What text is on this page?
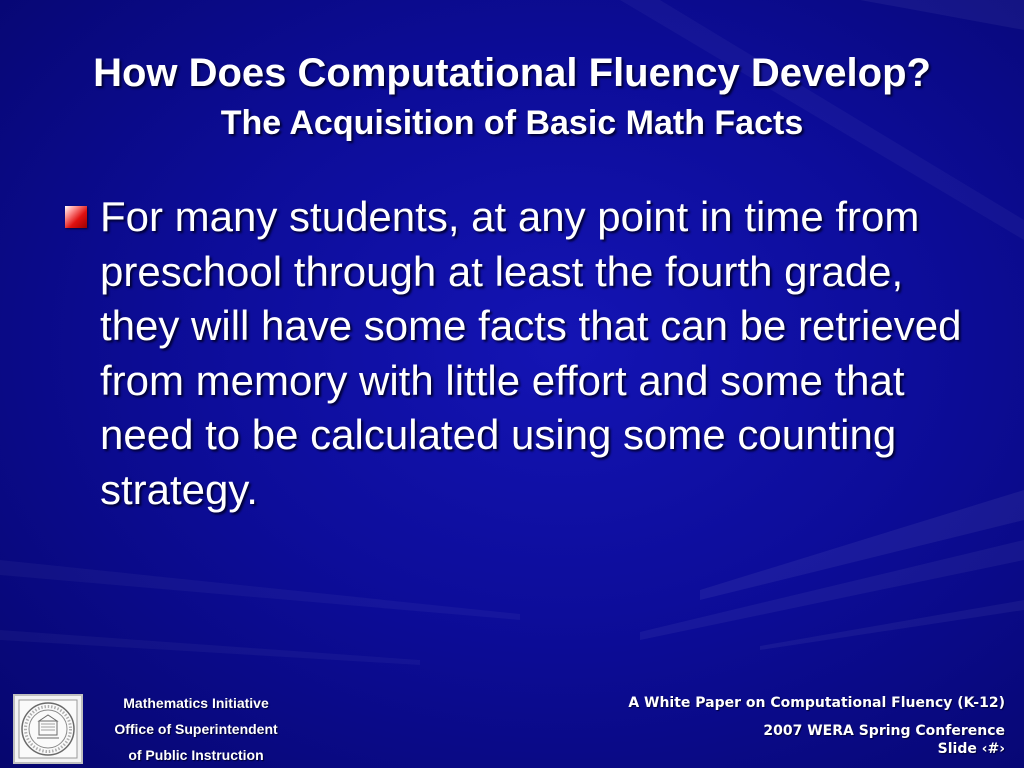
How Does Computational Fluency Develop?
The Acquisition of Basic Math Facts
For many students, at any point in time from preschool through at least the fourth grade, they will have some facts that can be retrieved from memory with little effort and some that need to be calculated using some counting strategy.
Mathematics Initiative
Office of Superintendent
of Public Instruction
A White Paper on Computational Fluency (K-12)
2007 WERA Spring Conference
Slide ‹#›
